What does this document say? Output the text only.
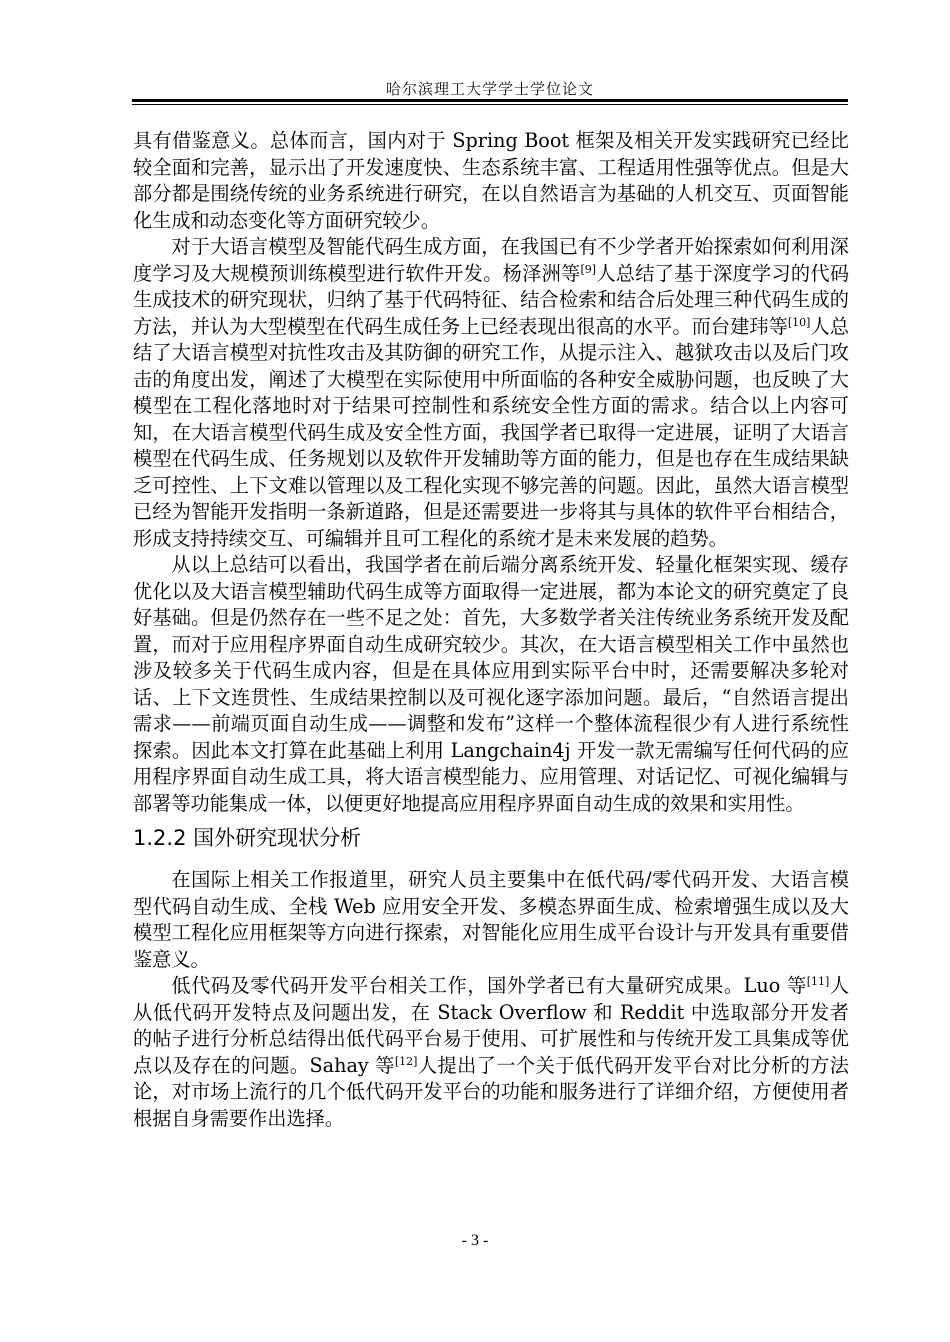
哈尔滨理工大学学士学位论文

具有借鉴意义。总体而言，国内对于 Spring Boot 框架及相关开发实践研究已经比较全面和完善，显示出了开发速度快、生态系统丰富、工程适用性强等优点。但是大部分都是围绕传统的业务系统进行研究，在以自然语言为基础的人机交互、页面智能化生成和动态变化等方面研究较少。

对于大语言模型及智能代码生成方面，在我国已有不少学者开始探索如何利用深度学习及大规模预训练模型进行软件开发。杨泽洲等[9]人总结了基于深度学习的代码生成技术的研究现状，归纳了基于代码特征、结合检索和结合后处理三种代码生成的方法，并认为大型模型在代码生成任务上已经表现出很高的水平。而台建玮等[10]人总结了大语言模型对抗性攻击及其防御的研究工作，从提示注入、越狱攻击以及后门攻击的角度出发，阐述了大模型在实际使用中所面临的各种安全威胁问题，也反映了大模型在工程化落地时对于结果可控制性和系统安全性方面的需求。结合以上内容可知，在大语言模型代码生成及安全性方面，我国学者已取得一定进展，证明了大语言模型在代码生成、任务规划以及软件开发辅助等方面的能力，但是也存在生成结果缺乏可控性、上下文难以管理以及工程化实现不够完善的问题。因此，虽然大语言模型已经为智能开发指明一条新道路，但是还需要进一步将其与具体的软件平台相结合，形成支持持续交互、可编辑并且可工程化的系统才是未来发展的趋势。

从以上总结可以看出，我国学者在前后端分离系统开发、轻量化框架实现、缓存优化以及大语言模型辅助代码生成等方面取得一定进展，都为本论文的研究奠定了良好基础。但是仍然存在一些不足之处：首先，大多数学者关注传统业务系统开发及配置，而对于应用程序界面自动生成研究较少。其次，在大语言模型相关工作中虽然也涉及较多关于代码生成内容，但是在具体应用到实际平台中时，还需要解决多轮对话、上下文连贯性、生成结果控制以及可视化逐字添加问题。最后，“自然语言提出需求——前端页面自动生成——调整和发布”这样一个整体流程很少有人进行系统性探索。因此本文打算在此基础上利用 Langchain4j 开发一款无需编写任何代码的应用程序界面自动生成工具，将大语言模型能力、应用管理、对话记忆、可视化编辑与部署等功能集成一体，以便更好地提高应用程序界面自动生成的效果和实用性。

1.2.2 国外研究现状分析

在国际上相关工作报道里，研究人员主要集中在低代码/零代码开发、大语言模型代码自动生成、全栈 Web 应用安全开发、多模态界面生成、检索增强生成以及大模型工程化应用框架等方向进行探索，对智能化应用生成平台设计与开发具有重要借鉴意义。

低代码及零代码开发平台相关工作，国外学者已有大量研究成果。Luo 等[11]人从低代码开发特点及问题出发，在 Stack Overflow 和 Reddit 中选取部分开发者的帖子进行分析总结得出低代码平台易于使用、可扩展性和与传统开发工具集成等优点以及存在的问题。Sahay 等[12]人提出了一个关于低代码开发平台对比分析的方法论，对市场上流行的几个低代码开发平台的功能和服务进行了详细介绍，方便使用者根据自身需要作出选择。

- 3 -
